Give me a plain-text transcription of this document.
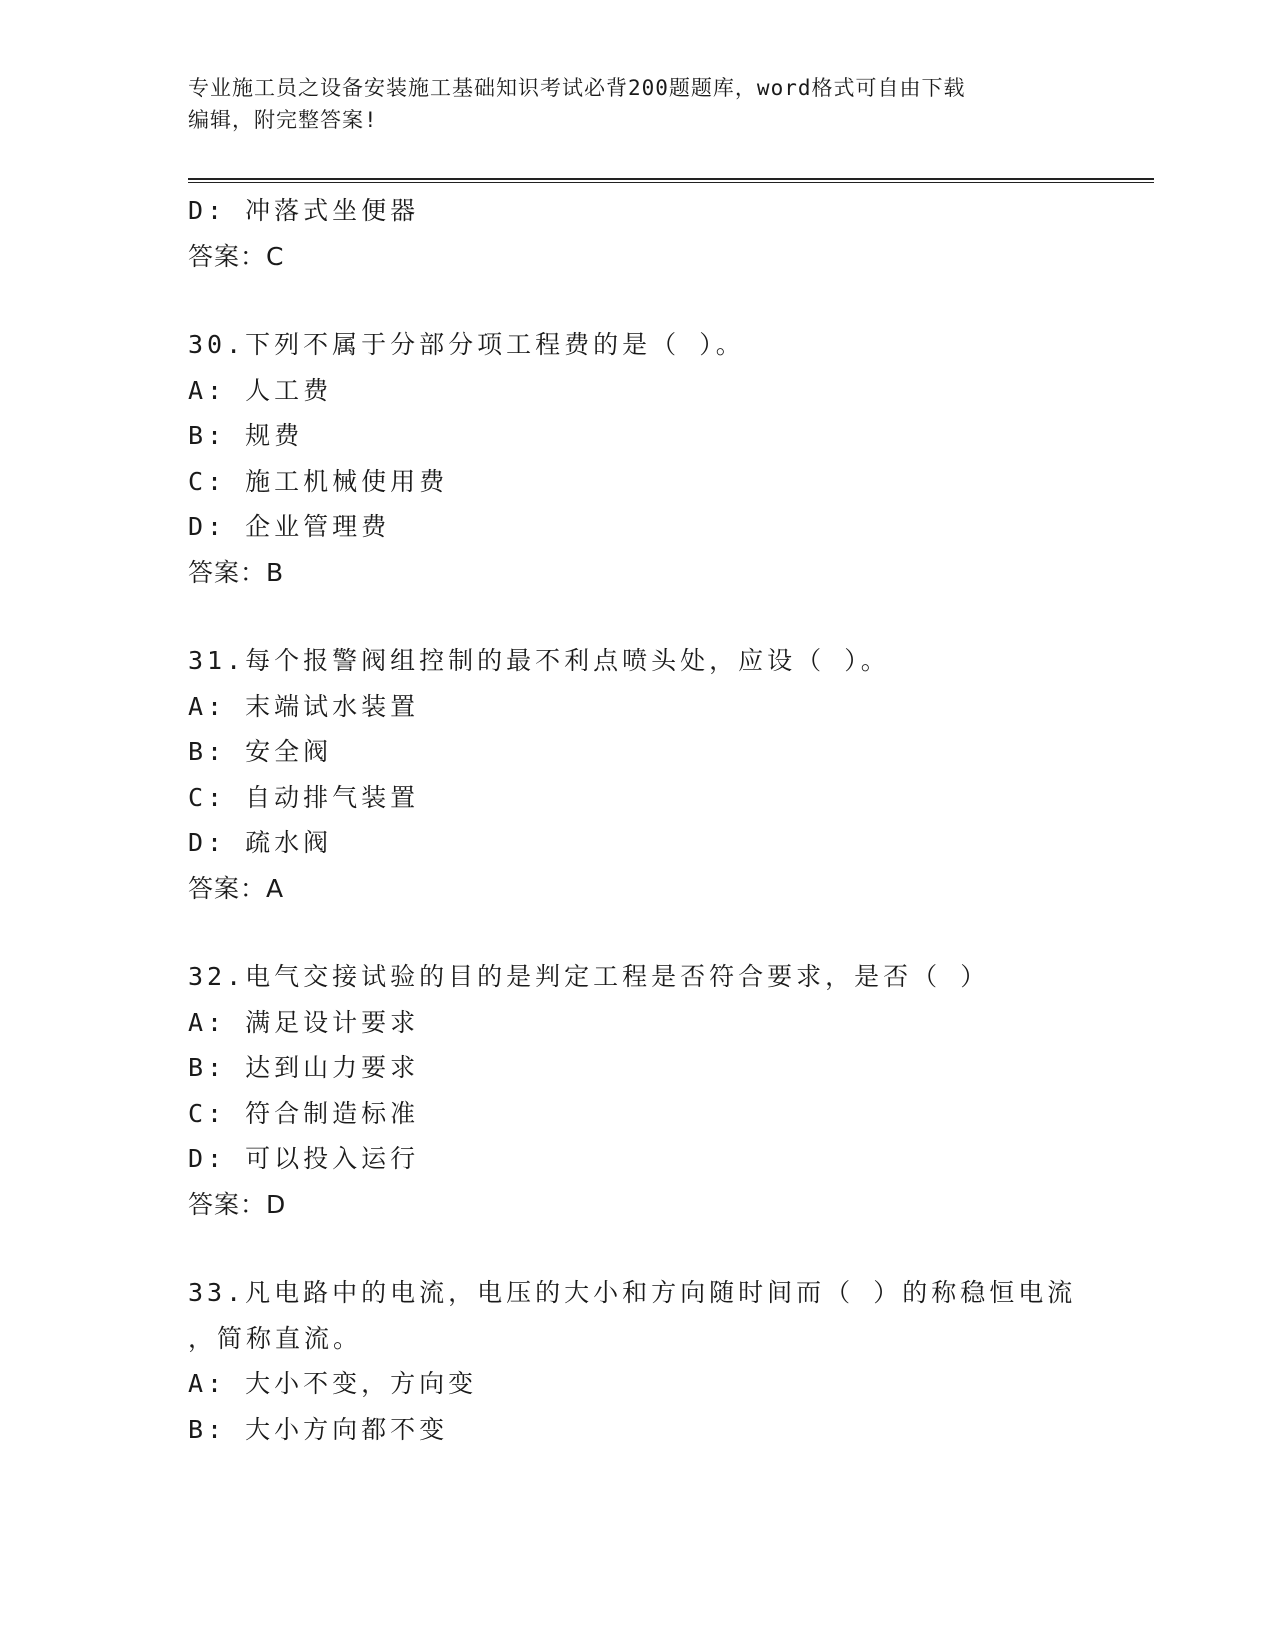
专业施工员之设备安装施工基础知识考试必背200题题库，word格式可自由下载
编辑，附完整答案!
D: 冲落式坐便器
答案：C
30.下列不属于分部分项工程费的是（ ）。
A: 人工费
B: 规费
C: 施工机械使用费
D: 企业管理费
答案：B
31.每个报警阀组控制的最不利点喷头处，应设（ ）。
A: 末端试水装置
B: 安全阀
C: 自动排气装置
D: 疏水阀
答案：A
32.电气交接试验的目的是判定工程是否符合要求，是否（ ）
A: 满足设计要求
B: 达到山力要求
C: 符合制造标准
D: 可以投入运行
答案：D
33.凡电路中的电流，电压的大小和方向随时间而（ ）的称稳恒电流
，简称直流。
A: 大小不变，方向变
B: 大小方向都不变
